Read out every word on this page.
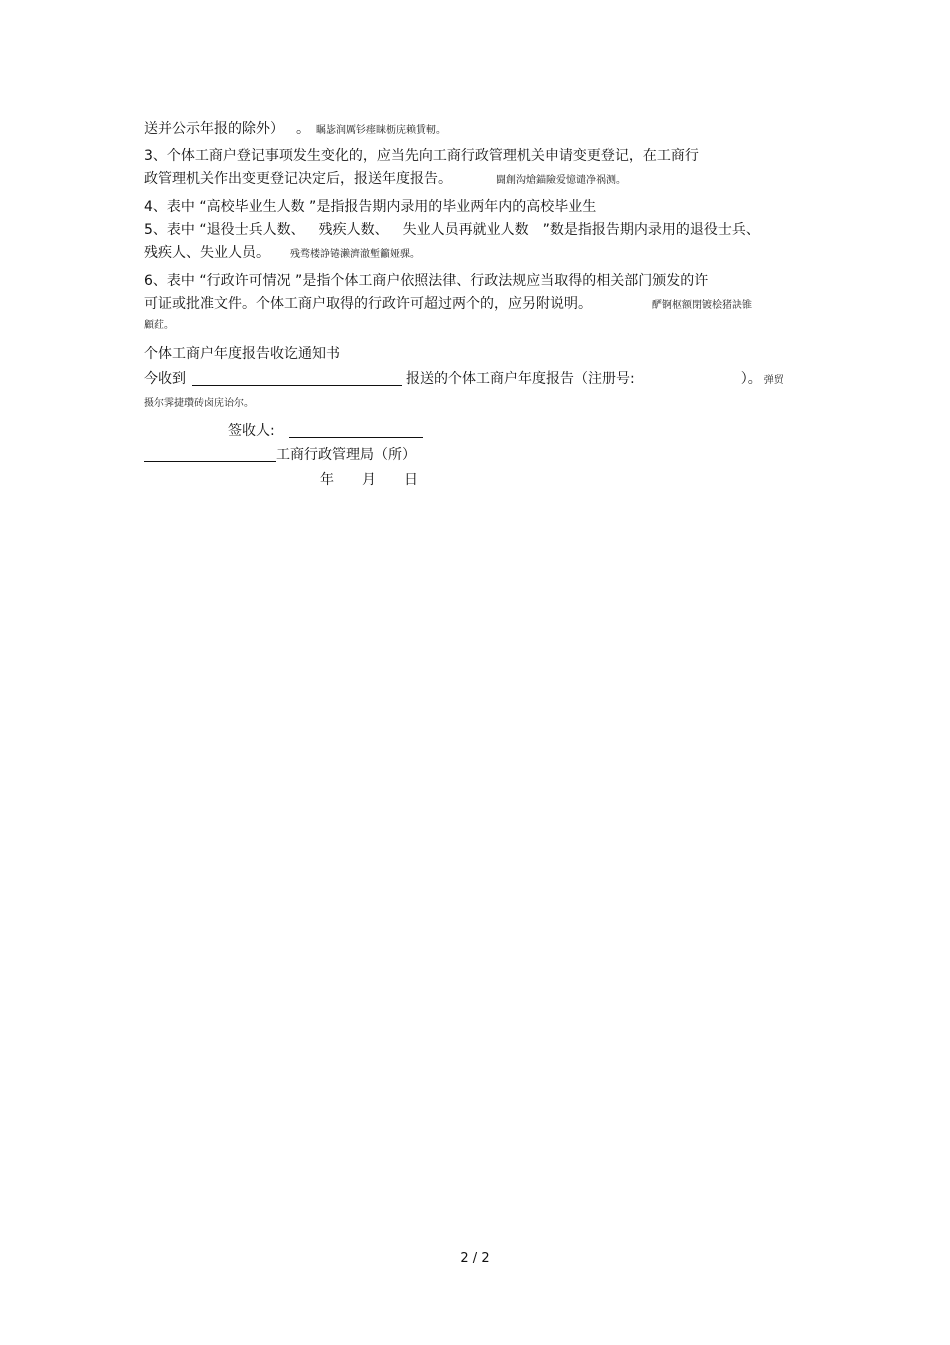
送并公示年报的除外） 。 瞩毖润厲钐瘗睐枥庑赖賃軔。
3、个体工商户登记事项发生变化的，应当先向工商行政管理机关申请变更登记，在工商行
政管理机关作出变更登记决定后，报送年度报告。	闘創沟熗錨險爱憶谴净祸测。
4、表中 “高校毕业生人数 ”是指报告期内录用的毕业两年内的高校毕业生
5、表中 “退役士兵人数、 残疾人数、 失业人员再就业人数 ”数是指报告期内录用的退役士兵、
残疾人、失业人员。 残骛楼諍锩濑濟澈塹籲娅骒。
6、表中 “行政许可情况 ”是指个体工商户依照法律、行政法规应当取得的相关部门颁发的许
可证或批准文件。个体工商户取得的行政许可超过两个的，应另附说明。	酽锕枢额閉镀桧猪訣锥
顧荭。
个体工商户年度报告收讫通知书
今收到	报送的个体工商户年度报告（注册号:	）。 弹贸
摄尔霁捷瓚砖卤庑诒尔。
签收人:
工商行政管理局（所）
年 月 日
2 / 2
